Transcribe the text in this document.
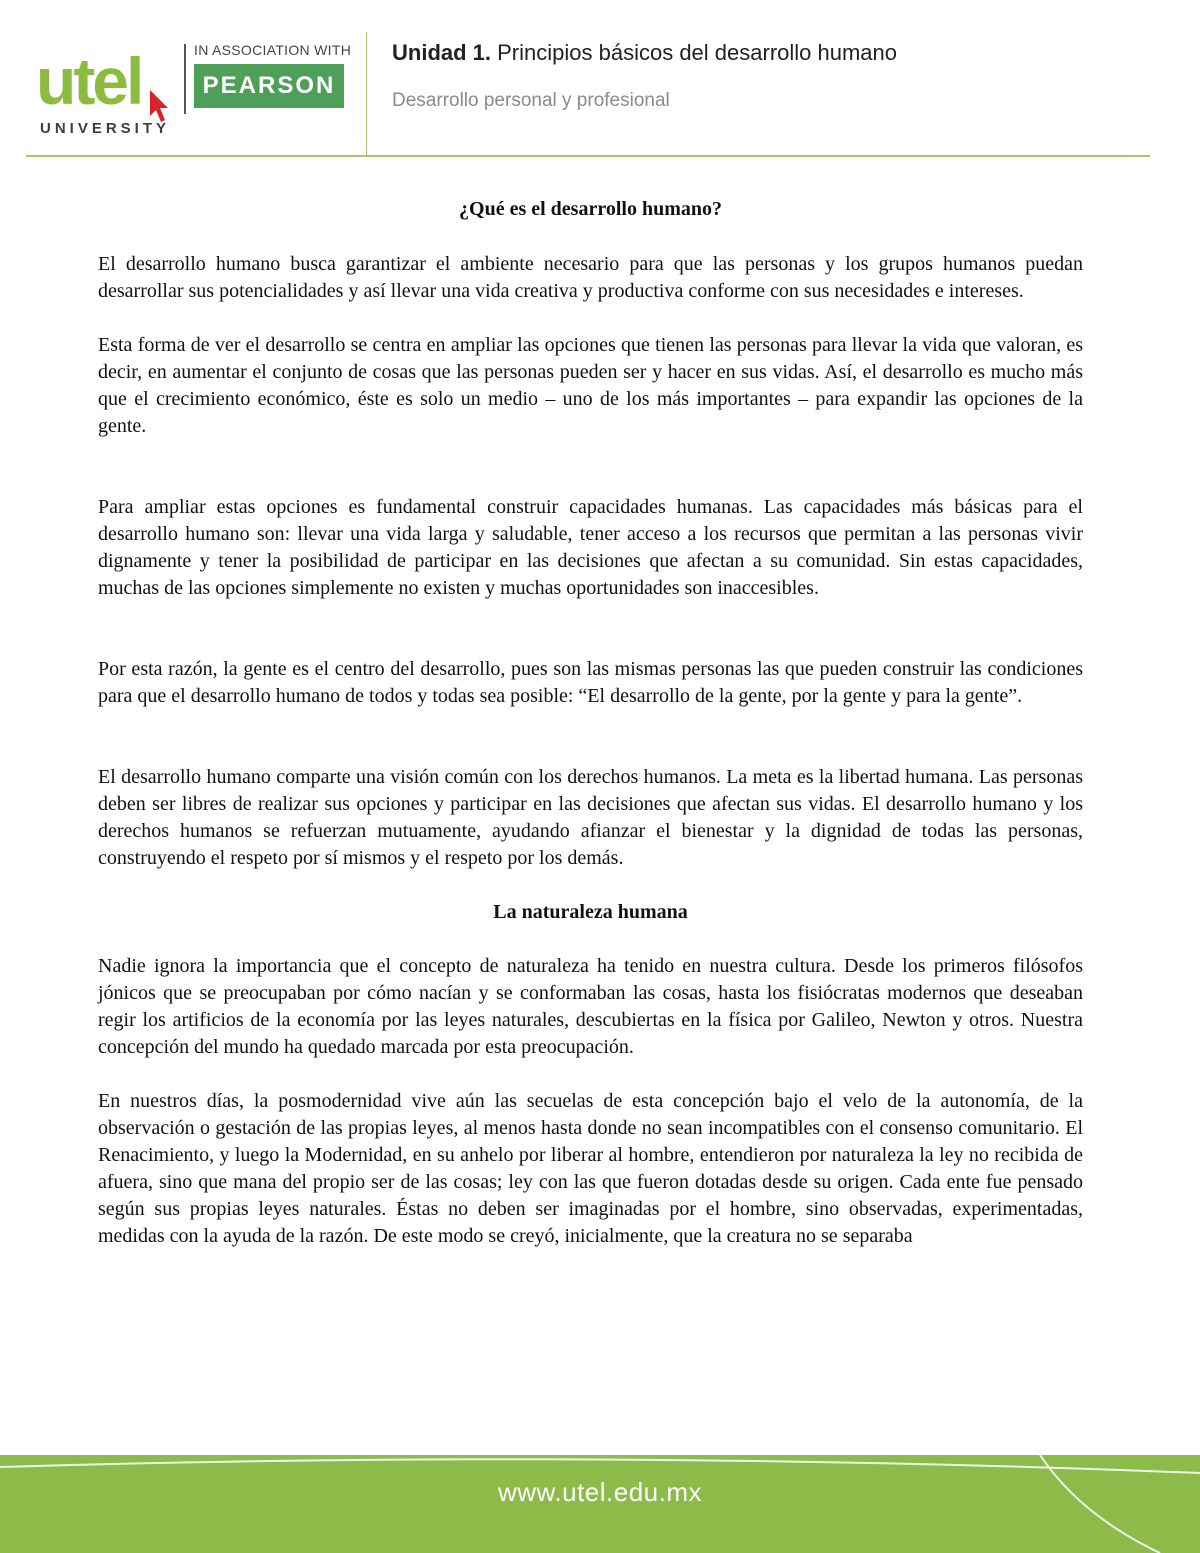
utel
UNIVERSITY
IN ASSOCIATION WITH
PEARSON
Unidad 1. Principios básicos del desarrollo humano
Desarrollo personal y profesional
¿Qué es el desarrollo humano?

El desarrollo humano busca garantizar el ambiente necesario para que las personas y los grupos humanos puedan desarrollar sus potencialidades y así llevar una vida creativa y productiva conforme con sus necesidades e intereses.

Esta forma de ver el desarrollo se centra en ampliar las opciones que tienen las personas para llevar la vida que valoran, es decir, en aumentar el conjunto de cosas que las personas pueden ser y hacer en sus vidas. Así, el desarrollo es mucho más que el crecimiento económico, éste es solo un medio – uno de los más importantes – para expandir las opciones de la gente.

Para ampliar estas opciones es fundamental construir capacidades humanas. Las capacidades más básicas para el desarrollo humano son: llevar una vida larga y saludable, tener acceso a los recursos que permitan a las personas vivir dignamente y tener la posibilidad de participar en las decisiones que afectan a su comunidad. Sin estas capacidades, muchas de las opciones simplemente no existen y muchas oportunidades son inaccesibles.

Por esta razón, la gente es el centro del desarrollo, pues son las mismas personas las que pueden construir las condiciones para que el desarrollo humano de todos y todas sea posible: “El desarrollo de la gente, por la gente y para la gente”.

El desarrollo humano comparte una visión común con los derechos humanos. La meta es la libertad humana. Las personas deben ser libres de realizar sus opciones y participar en las decisiones que afectan sus vidas. El desarrollo humano y los derechos humanos se refuerzan mutuamente, ayudando afianzar el bienestar y la dignidad de todas las personas, construyendo el respeto por sí mismos y el respeto por los demás.

La naturaleza humana

Nadie ignora la importancia que el concepto de naturaleza ha tenido en nuestra cultura. Desde los primeros filósofos jónicos que se preocupaban por cómo nacían y se conformaban las cosas, hasta los fisiócratas modernos que deseaban regir los artificios de la economía por las leyes naturales, descubiertas en la física por Galileo, Newton y otros. Nuestra concepción del mundo ha quedado marcada por esta preocupación.

En nuestros días, la posmodernidad vive aún las secuelas de esta concepción bajo el velo de la autonomía, de la observación o gestación de las propias leyes, al menos hasta donde no sean incompatibles con el consenso comunitario. El Renacimiento, y luego la Modernidad, en su anhelo por liberar al hombre, entendieron por naturaleza la ley no recibida de afuera, sino que mana del propio ser de las cosas; ley con las que fueron dotadas desde su origen. Cada ente fue pensado según sus propias leyes naturales. Éstas no deben ser imaginadas por el hombre, sino observadas, experimentadas, medidas con la ayuda de la razón. De este modo se creyó, inicialmente, que la creatura no se separaba

www.utel.edu.mx
